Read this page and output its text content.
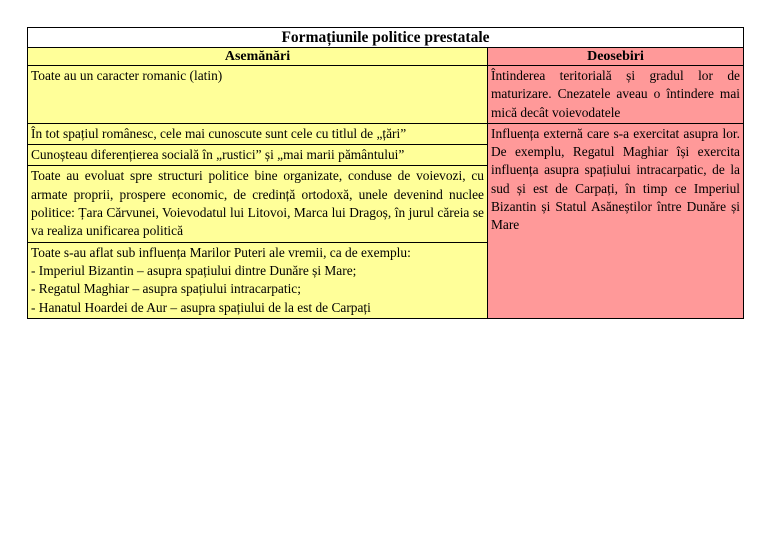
Formațiunile politice prestatale	
Asemănări	Deosebiri
Toate au un caracter romanic (latin)	Întinderea teritorială și gradul lor de maturizare. Cnezatele aveau o întindere mai mică decât voievodatele
În tot spațiul românesc, cele mai cunoscute sunt cele cu titlul de „țări”	Influența externă care s-a exercitat asupra lor. De exemplu, Regatul Maghiar își exercita influența asupra spațiului intracarpatic, de la sud și est de Carpați, în timp ce Imperiul Bizantin și Statul Asăneștilor între Dunăre și Mare
Cunoșteau diferențierea socială în „rustici” și „mai marii pământului”	
Toate au evoluat spre structuri politice bine organizate, conduse de voievozi, cu armate proprii, prospere economic, de credință ortodoxă, unele devenind nuclee politice: Țara Cărvunei, Voievodatul lui Litovoi, Marca lui Dragoș, în jurul căreia se va realiza unificarea politică	

Toate s-au aflat sub influența Marilor Puteri ale vremii, ca de exemplu:
- Imperiul Bizantin – asupra spațiului dintre Dunăre și Mare;
- Regatul Maghiar – asupra spațiului intracarpatic;
- Hanatul Hoardei de Aur – asupra spațiului de la est de Carpați	
